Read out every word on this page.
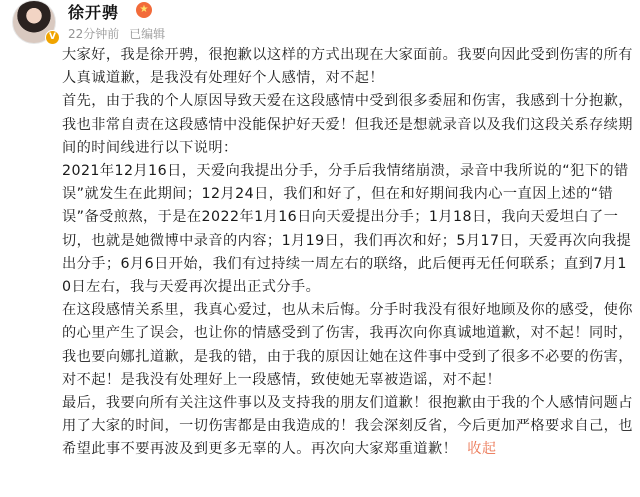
V
徐开骋	★
22分钟前 已编辑

大家好，我是徐开骋，很抱歉以这样的方式出现在大家面前。我要向因此受到伤害的所有人真诚道歉，是我没有处理好个人感情，对不起！

首先，由于我的个人原因导致天爱在这段感情中受到很多委屈和伤害，我感到十分抱歉，我也非常自责在这段感情中没能保护好天爱！但我还是想就录音以及我们这段关系存续期间的时间线进行以下说明：

2021年12月16日，天爱向我提出分手，分手后我情绪崩溃，录音中我所说的“犯下的错误”就发生在此期间；12月24日，我们和好了，但在和好期间我内心一直因上述的“错误”备受煎熬，于是在2022年1月16日向天爱提出分手；1月18日，我向天爱坦白了一切，也就是她微博中录音的内容；1月19日，我们再次和好；5月17日，天爱再次向我提出分手；6月6日开始，我们有过持续一周左右的联络，此后便再无任何联系；直到7月10日左右，我与天爱再次提出正式分手。

在这段感情关系里，我真心爱过，也从未后悔。分手时我没有很好地顾及你的感受，使你的心里产生了误会，也让你的情感受到了伤害，我再次向你真诚地道歉，对不起！同时，我也要向娜扎道歉，是我的错，由于我的原因让她在这件事中受到了很多不必要的伤害，对不起！是我没有处理好上一段感情，致使她无辜被造谣，对不起！

最后，我要向所有关注这件事以及支持我的朋友们道歉！很抱歉由于我的个人感情问题占用了大家的时间，一切伤害都是由我造成的！我会深刻反省，今后更加严格要求自己，也希望此事不要再波及到更多无辜的人。再次向大家郑重道歉！ 收起
